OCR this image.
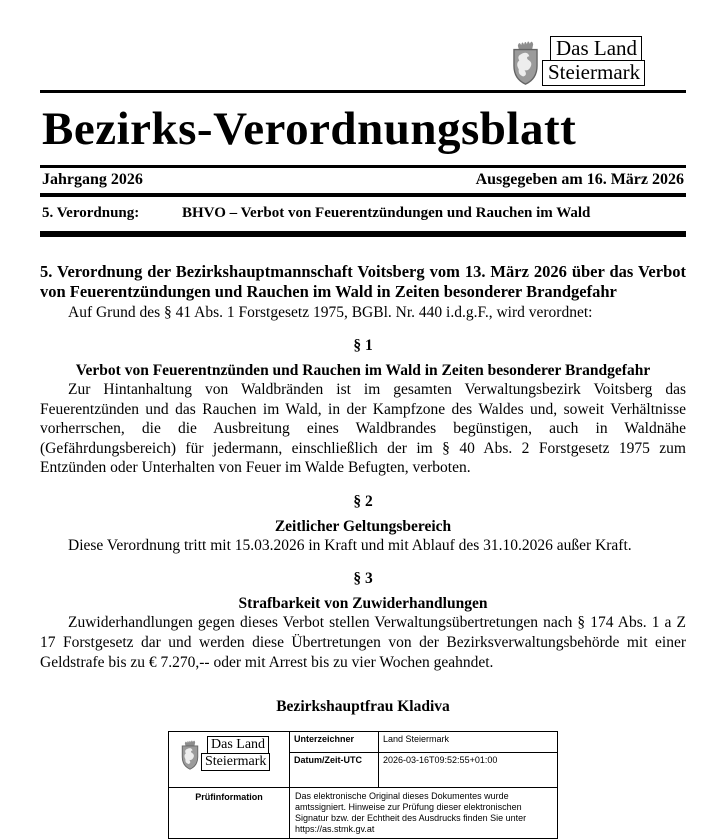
Das Land
Steiermark
Bezirks-Verordnungsblatt
Jahrgang 2026	Ausgegeben am 16. März 2026
5. Verordnung:	BHVO – Verbot von Feuerentzündungen und Rauchen im Wald

5. Verordnung der Bezirkshauptmannschaft Voitsberg vom 13. März 2026 über das Verbot von Feuerentzündungen und Rauchen im Wald in Zeiten besonderer Brandgefahr

Auf Grund des § 41 Abs. 1 Forstgesetz 1975, BGBl. Nr. 440 i.d.g.F., wird verordnet:

§ 1
Verbot von Feuerentnzünden und Rauchen im Wald in Zeiten besonderer Brandgefahr

Zur Hintanhaltung von Waldbränden ist im gesamten Verwaltungsbezirk Voitsberg das Feuerentzünden und das Rauchen im Wald, in der Kampfzone des Waldes und, soweit Verhältnisse vorherrschen, die die Ausbreitung eines Waldbrandes begünstigen, auch in Waldnähe (Gefährdungsbereich) für jedermann, einschließlich der im § 40 Abs. 2 Forstgesetz 1975 zum Entzünden oder Unterhalten von Feuer im Walde Befugten, verboten.

§ 2
Zeitlicher Geltungsbereich

Diese Verordnung tritt mit 15.03.2026 in Kraft und mit Ablauf des 31.10.2026 außer Kraft.

§ 3
Strafbarkeit von Zuwiderhandlungen

Zuwiderhandlungen gegen dieses Verbot stellen Verwaltungsübertretungen nach § 174 Abs. 1 a Z 17 Forstgesetz dar und werden diese Übertretungen von der Bezirksverwaltungsbehörde mit einer Geldstrafe bis zu € 7.270,-- oder mit Arrest bis zu vier Wochen geahndet.

Bezirkshauptfrau Kladiva
Das Land
Steiermark	Unterzeichner	Land Steiermark
	Datum/Zeit-UTC	2026-03-16T09:52:55+01:00
Prüfinformation	Das elektronische Original dieses Dokumentes wurde amtssigniert. Hinweise zur Prüfung dieser elektronischen Signatur bzw. der Echtheit des Ausdrucks finden Sie unter https://as.stmk.gv.at	
